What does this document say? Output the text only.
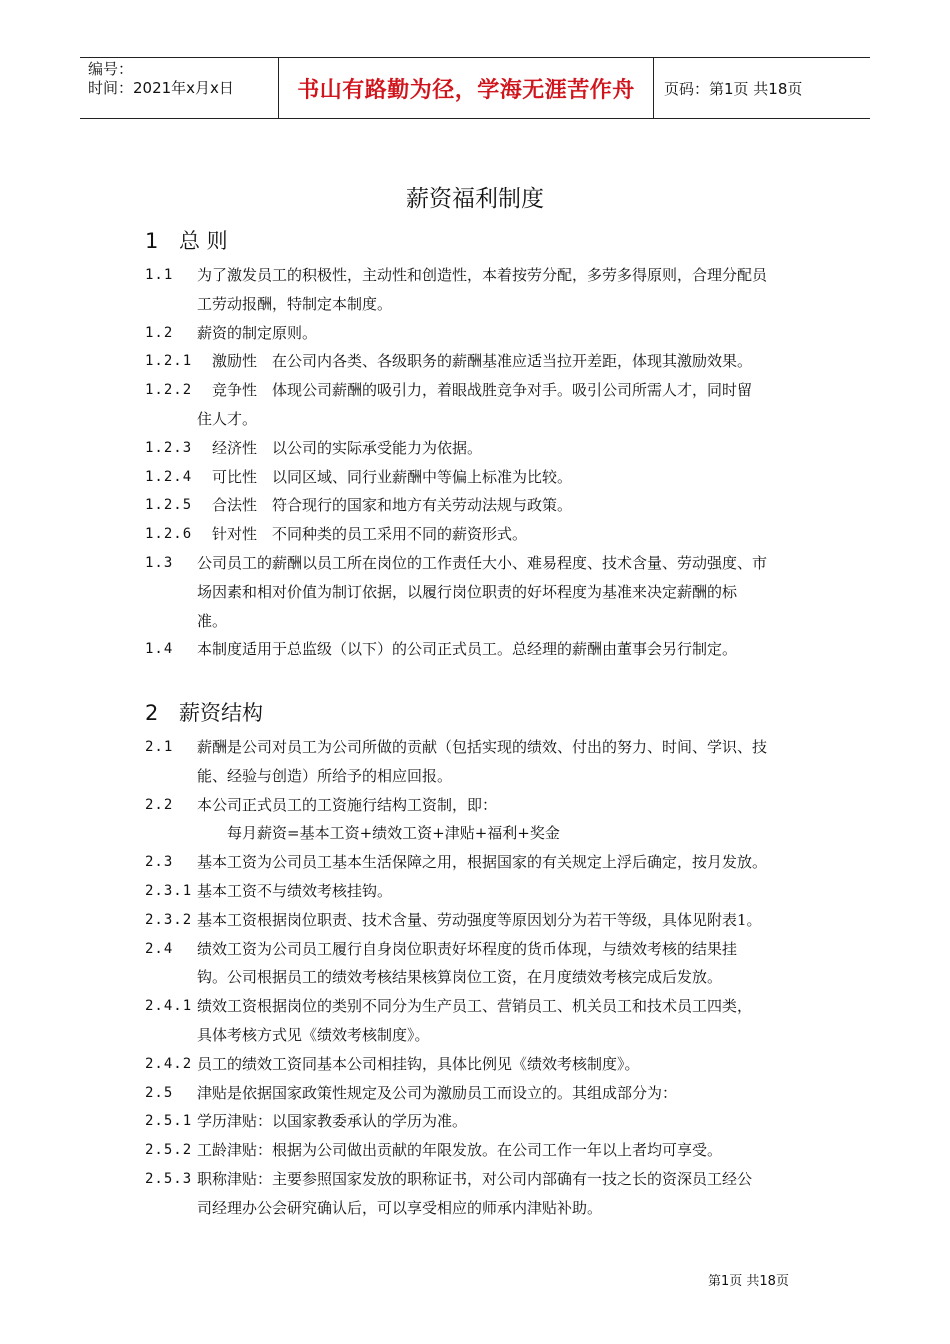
编号：
时间：2021年x月x日	书山有路勤为径，学海无涯苦作舟 页码：第1页 共18页
薪资福利制度
1 总 则
1.1 为了激发员工的积极性，主动性和创造性，本着按劳分配，多劳多得原则，合理分配员
工劳动报酬，特制定本制度。
1.2 薪资的制定原则。
1.2.1 激励性　在公司内各类、各级职务的薪酬基准应适当拉开差距，体现其激励效果。
1.2.2 竞争性　体现公司薪酬的吸引力，着眼战胜竞争对手。吸引公司所需人才，同时留
住人才。
1.2.3 经济性　以公司的实际承受能力为依据。
1.2.4 可比性　以同区域、同行业薪酬中等偏上标准为比较。
1.2.5 合法性　符合现行的国家和地方有关劳动法规与政策。
1.2.6 针对性　不同种类的员工采用不同的薪资形式。
1.3 公司员工的薪酬以员工所在岗位的工作责任大小、难易程度、技术含量、劳动强度、市
场因素和相对价值为制订依据，以履行岗位职责的好坏程度为基准来决定薪酬的标
准。
1.4 本制度适用于总监级（以下）的公司正式员工。总经理的薪酬由董事会另行制定。
2 薪资结构
2.1 薪酬是公司对员工为公司所做的贡献（包括实现的绩效、付出的努力、时间、学识、技
能、经验与创造）所给予的相应回报。
2.2 本公司正式员工的工资施行结构工资制，即：
　　每月薪资=基本工资+绩效工资+津贴+福利+奖金
2.3 基本工资为公司员工基本生活保障之用，根据国家的有关规定上浮后确定，按月发放。
2.3.1 基本工资不与绩效考核挂钩。
2.3.2 基本工资根据岗位职责、技术含量、劳动强度等原因划分为若干等级，具体见附表1。
2.4 绩效工资为公司员工履行自身岗位职责好坏程度的货币体现，与绩效考核的结果挂
钩。公司根据员工的绩效考核结果核算岗位工资，在月度绩效考核完成后发放。
2.4.1 绩效工资根据岗位的类别不同分为生产员工、营销员工、机关员工和技术员工四类，
具体考核方式见《绩效考核制度》。
2.4.2 员工的绩效工资同基本公司相挂钩，具体比例见《绩效考核制度》。
2.5 津贴是依据国家政策性规定及公司为激励员工而设立的。其组成部分为：
2.5.1 学历津贴：以国家教委承认的学历为准。
2.5.2 工龄津贴：根据为公司做出贡献的年限发放。在公司工作一年以上者均可享受。
2.5.3 职称津贴：主要参照国家发放的职称证书，对公司内部确有一技之长的资深员工经公
司经理办公会研究确认后，可以享受相应的师承内津贴补助。
第1页 共18页
